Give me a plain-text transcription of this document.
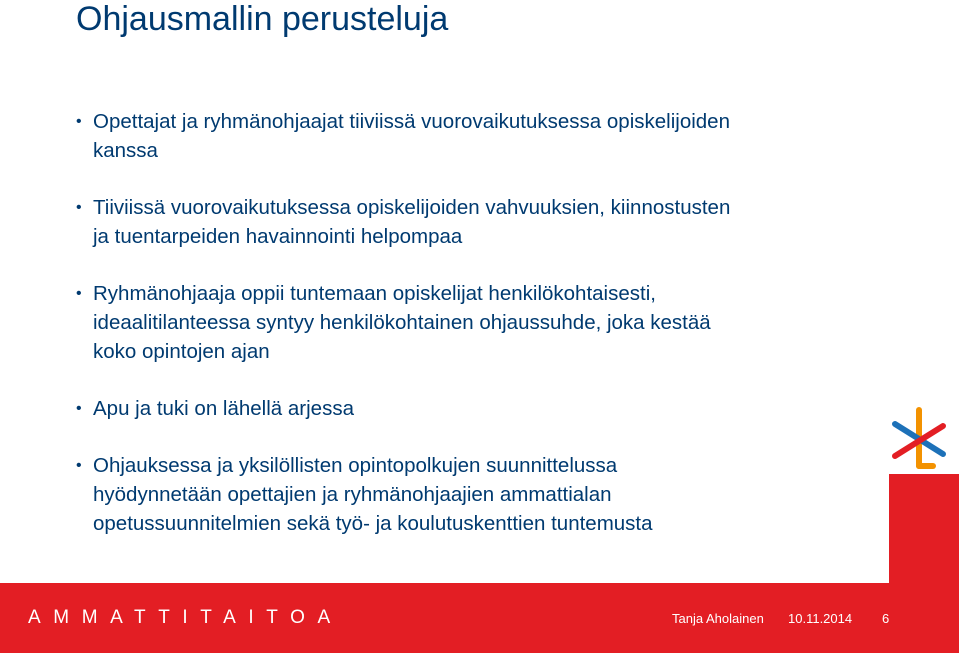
Ohjausmallin perusteluja
• Opettajat ja ryhmänohjaajat tiiviissä vuorovaikutuksessa opiskelijoiden
kanssa
• Tiiviissä vuorovaikutuksessa opiskelijoiden vahvuuksien, kiinnostusten
ja tuentarpeiden havainnointi helpompaa
• Ryhmänohjaaja oppii tuntemaan opiskelijat henkilökohtaisesti,
ideaalitilanteessa syntyy henkilökohtainen ohjaussuhde, joka kestää
koko opintojen ajan
• Apu ja tuki on lähellä arjessa
• Ohjauksessa ja yksilöllisten opintopolkujen suunnittelussa
hyödynnetään opettajien ja ryhmänohjaajien ammattialan
opetussuunnitelmien sekä työ- ja koulutuskenttien tuntemusta
AMMATTITAITOA	Tanja Aholainen 10.11.2014 6
